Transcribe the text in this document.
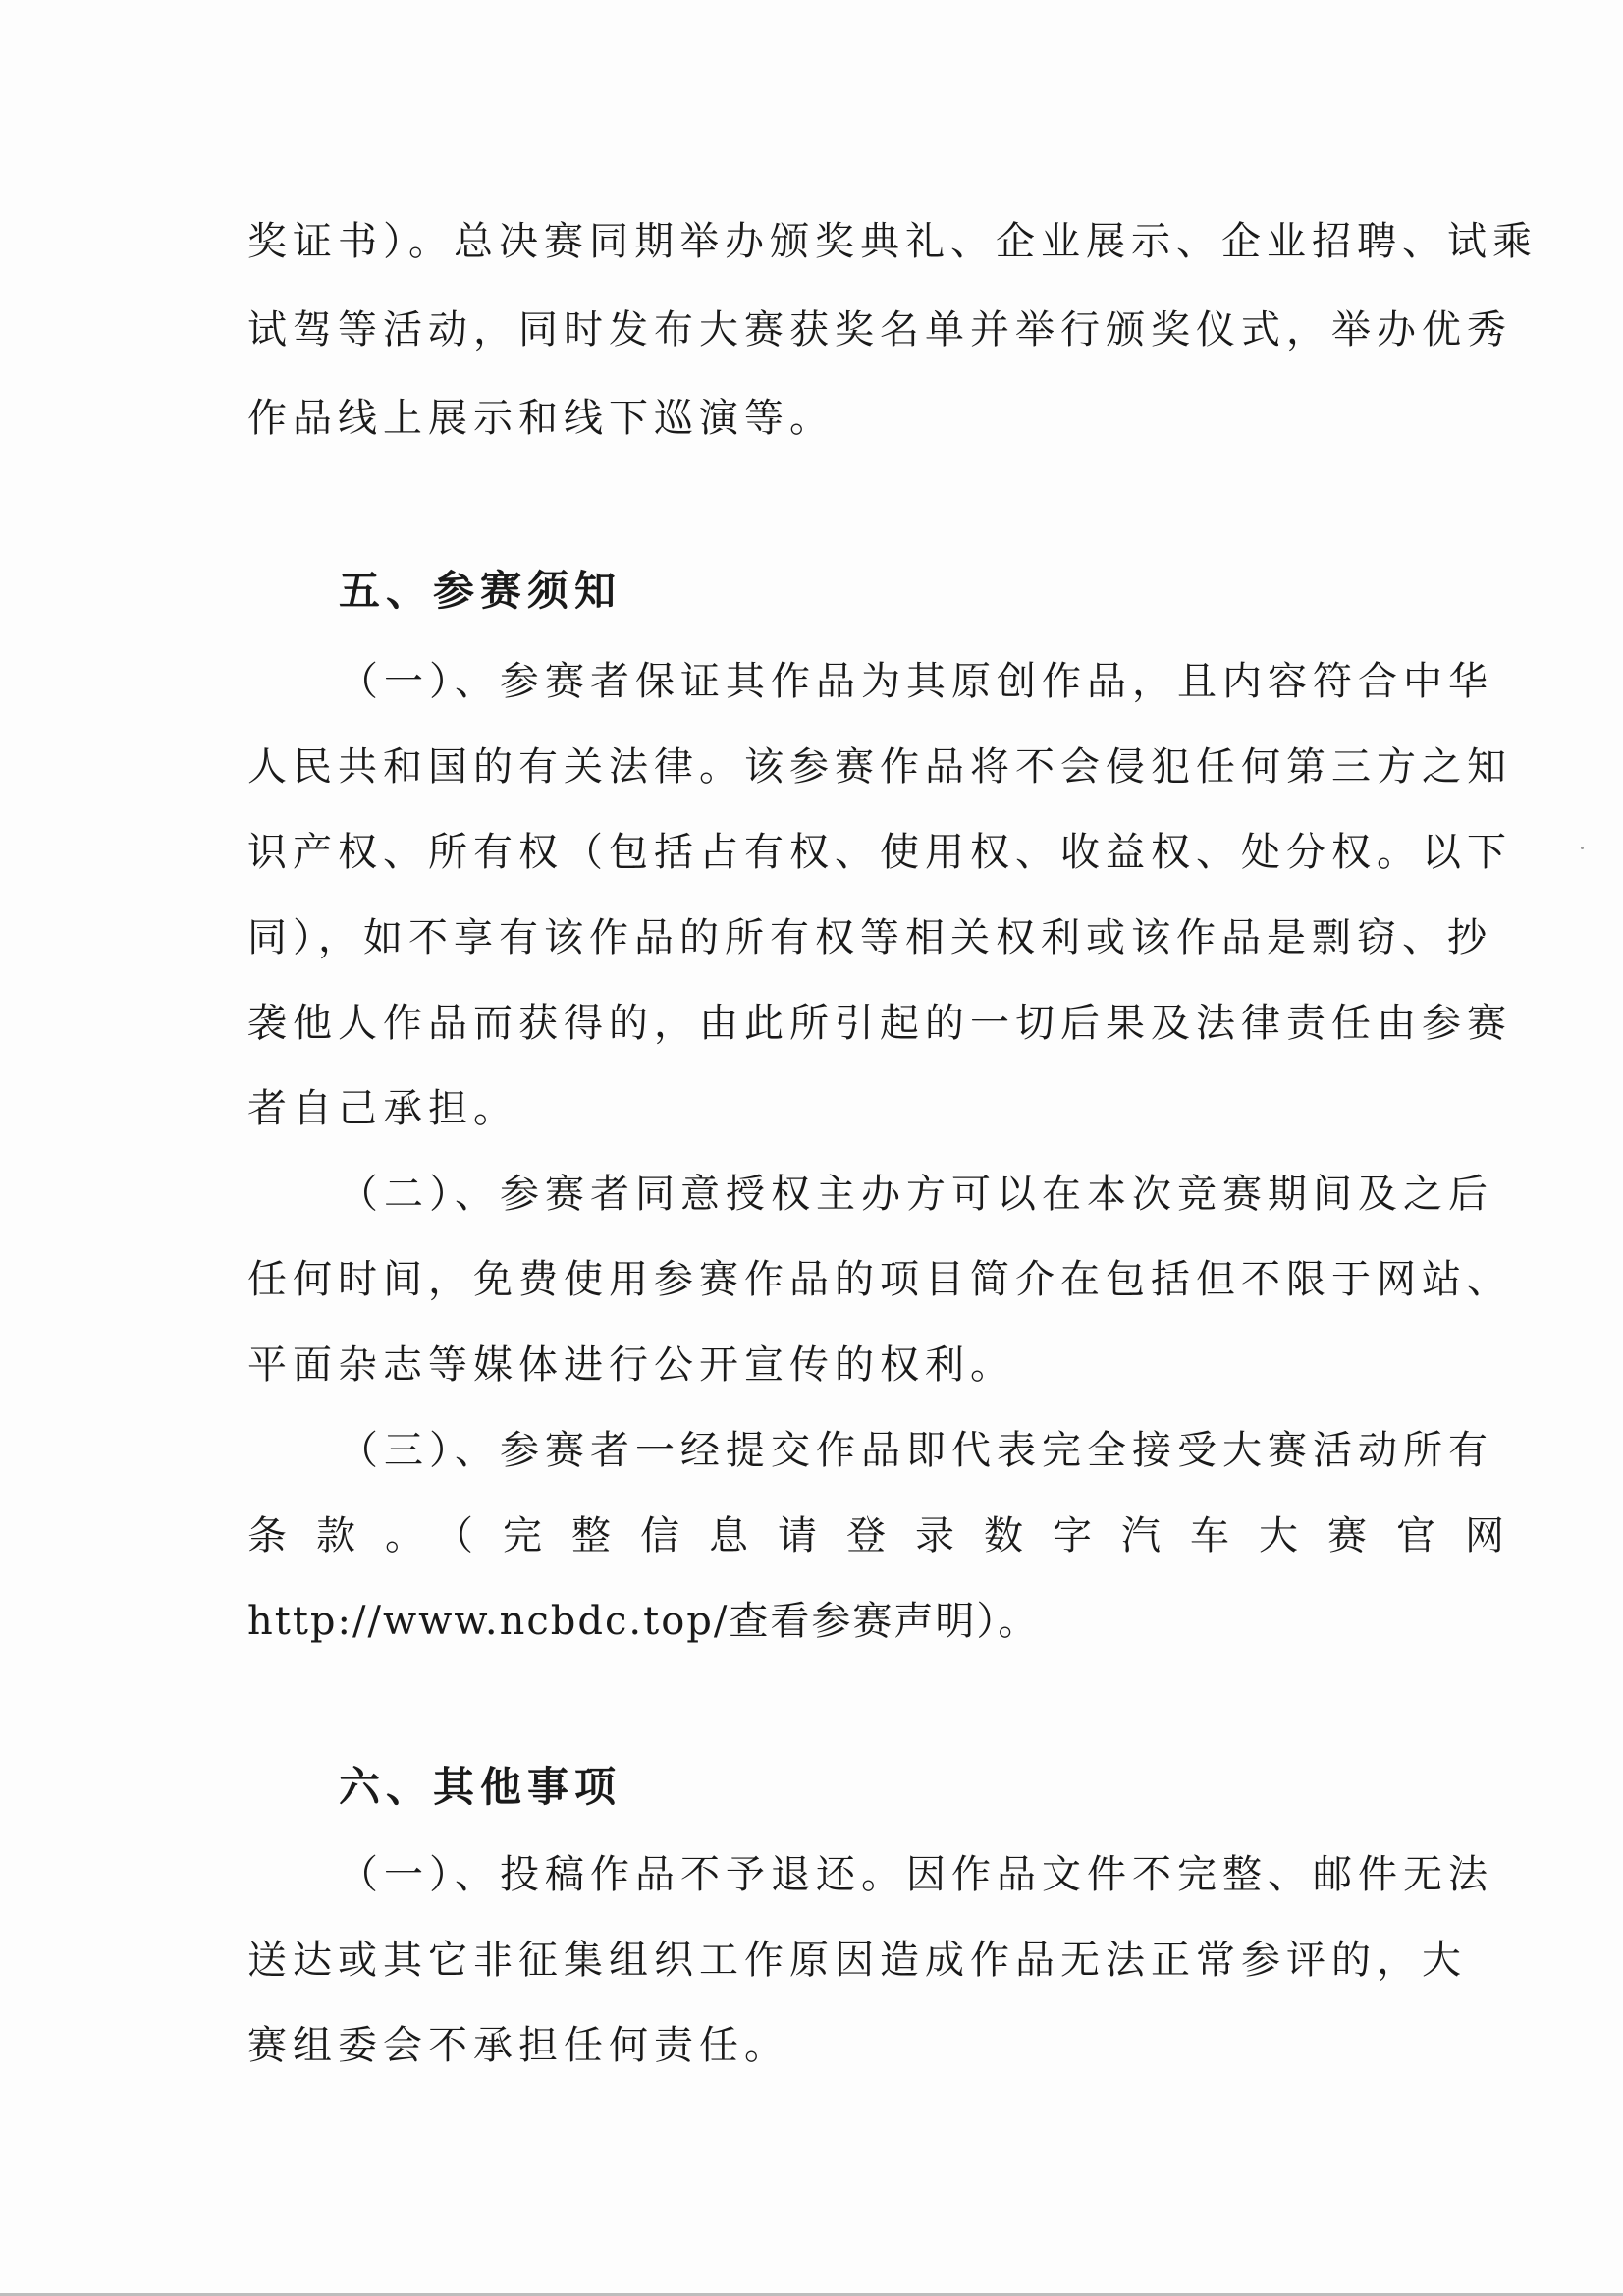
奖证书）。总决赛同期举办颁奖典礼、企业展示、企业招聘、试乘
试驾等活动，同时发布大赛获奖名单并举行颁奖仪式，举办优秀
作品线上展示和线下巡演等。
五、参赛须知
（一）、参赛者保证其作品为其原创作品，且内容符合中华
人民共和国的有关法律。该参赛作品将不会侵犯任何第三方之知
识产权、所有权（包括占有权、使用权、收益权、处分权。以下
同），如不享有该作品的所有权等相关权利或该作品是剽窃、抄
袭他人作品而获得的，由此所引起的一切后果及法律责任由参赛
者自己承担。
（二）、参赛者同意授权主办方可以在本次竞赛期间及之后
任何时间，免费使用参赛作品的项目简介在包括但不限于网站、
平面杂志等媒体进行公开宣传的权利。
（三）、参赛者一经提交作品即代表完全接受大赛活动所有
条款。（完整信息请登录数字汽车大赛官网
http://www.ncbdc.top/查看参赛声明）。
六、其他事项
（一）、投稿作品不予退还。因作品文件不完整、邮件无法
送达或其它非征集组织工作原因造成作品无法正常参评的，大
赛组委会不承担任何责任。
